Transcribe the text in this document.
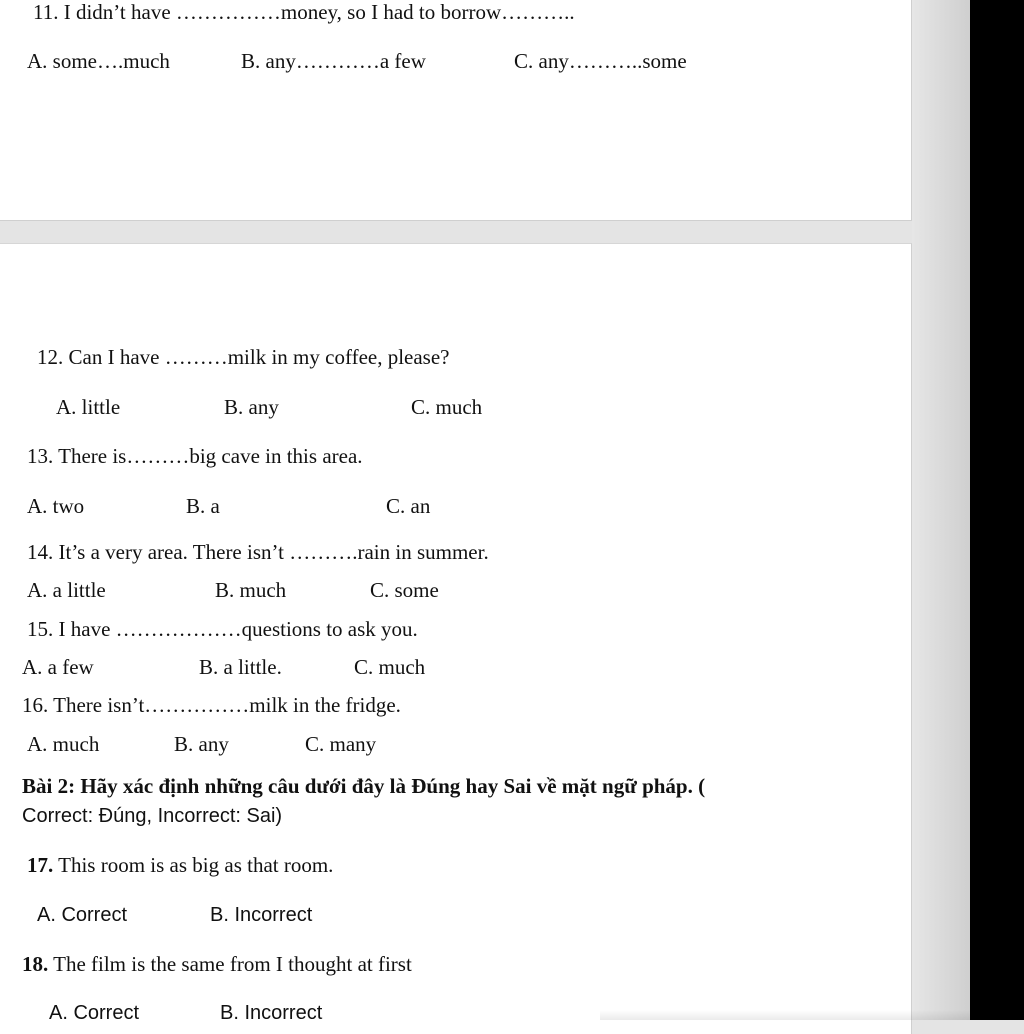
11. I didn’t have ……………money, so I had to borrow………..
A. some….much	B. any…………a few	C. any………..some
12. Can I have ………milk in my coffee, please?
A. little	B. any	C. much
13. There is………big cave in this area.
A. two	B. a	C. an
14. It’s a very area. There isn’t ……….rain in summer.
A. a little	B. much	C. some
15. I have ………………questions to ask you.
A. a few	B. a little.	C. much
16. There isn’t……………milk in the fridge.
A. much	B. any	C. many
Bài 2: Hãy xác định những câu dưới đây là Đúng hay Sai về mặt ngữ pháp. (
Correct: Đúng, Incorrect: Sai)
17. This room is as big as that room.
A. Correct	B. Incorrect
18. The film is the same from I thought at first
A. Correct	B. Incorrect
